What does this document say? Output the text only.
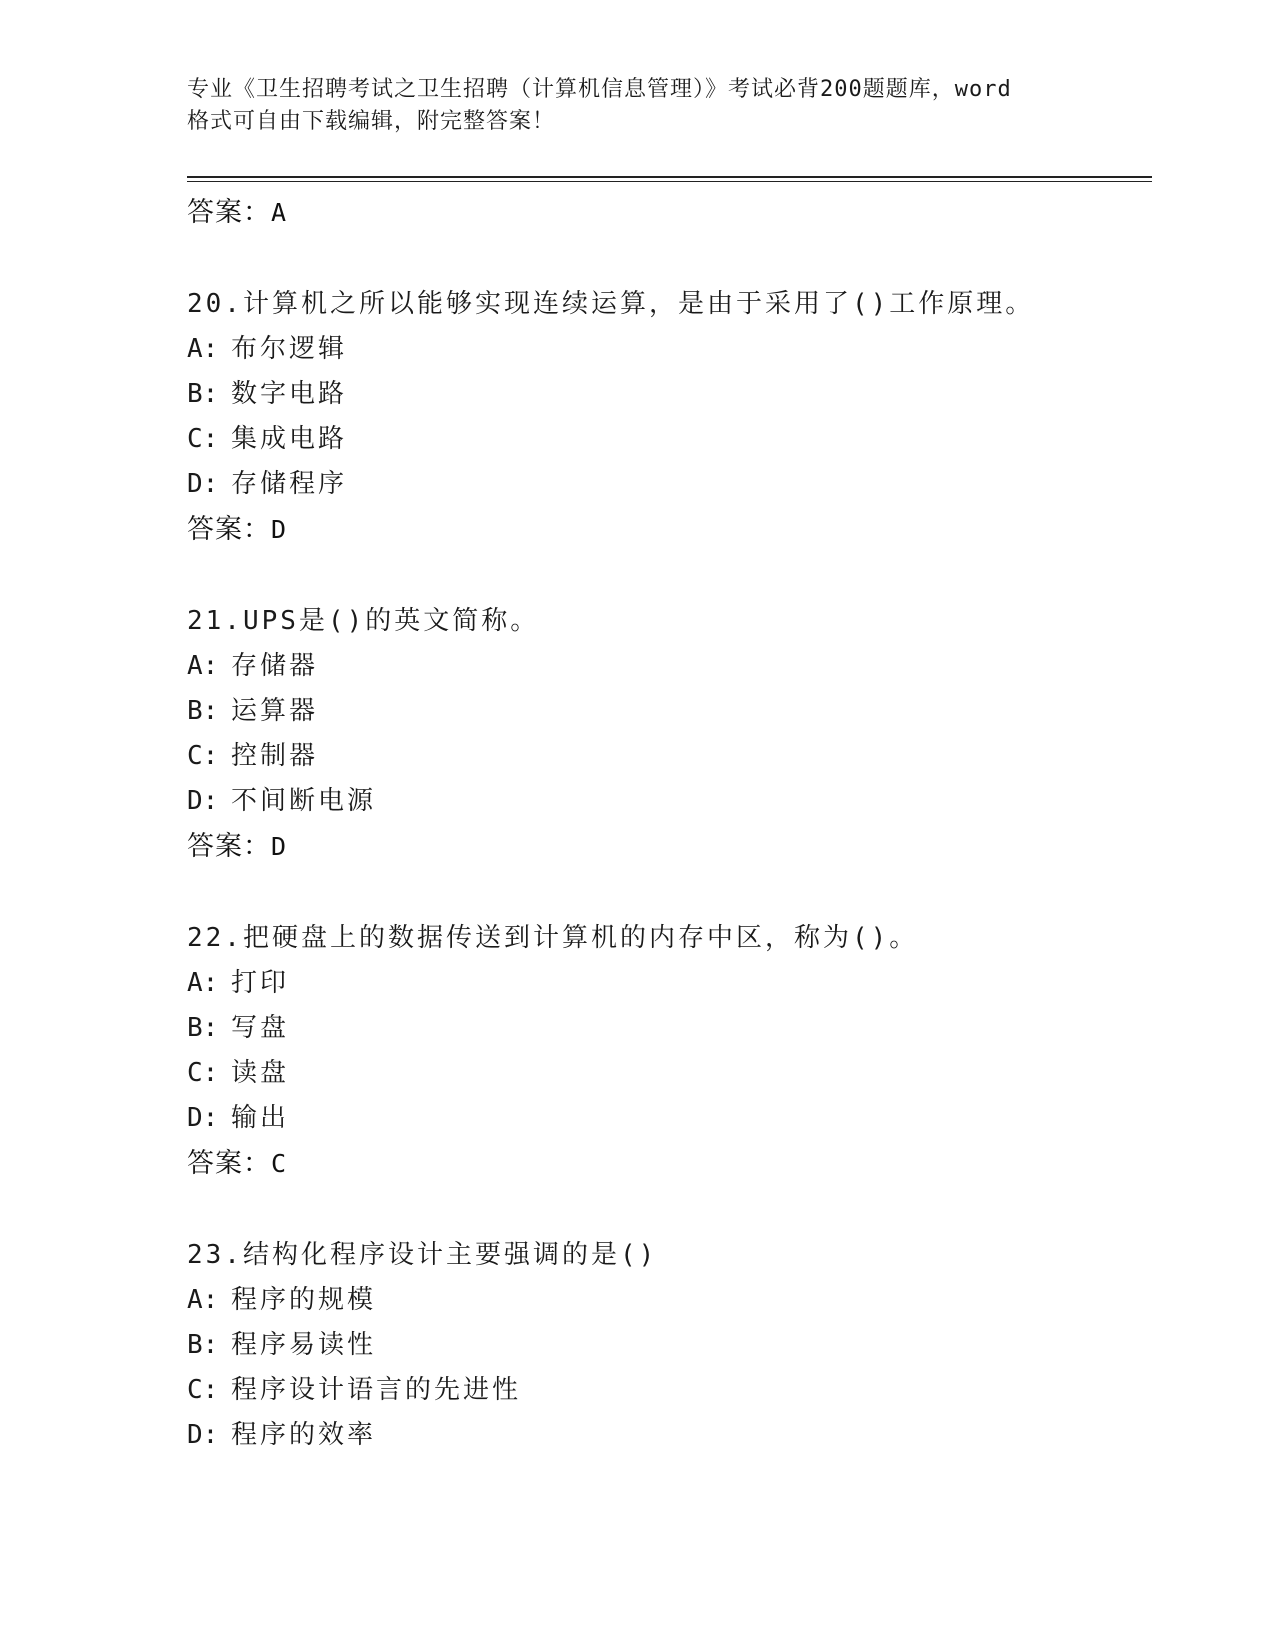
专业《卫生招聘考试之卫生招聘（计算机信息管理）》考试必背200题题库，word
格式可自由下载编辑，附完整答案！
答案：A
20.计算机之所以能够实现连续运算，是由于采用了()工作原理。
A: 布尔逻辑
B: 数字电路
C: 集成电路
D: 存储程序
答案：D
21.UPS是()的英文简称。
A: 存储器
B: 运算器
C: 控制器
D: 不间断电源
答案：D
22.把硬盘上的数据传送到计算机的内存中区，称为()。
A: 打印
B: 写盘
C: 读盘
D: 输出
答案：C
23.结构化程序设计主要强调的是()
A: 程序的规模
B: 程序易读性
C: 程序设计语言的先进性
D: 程序的效率
